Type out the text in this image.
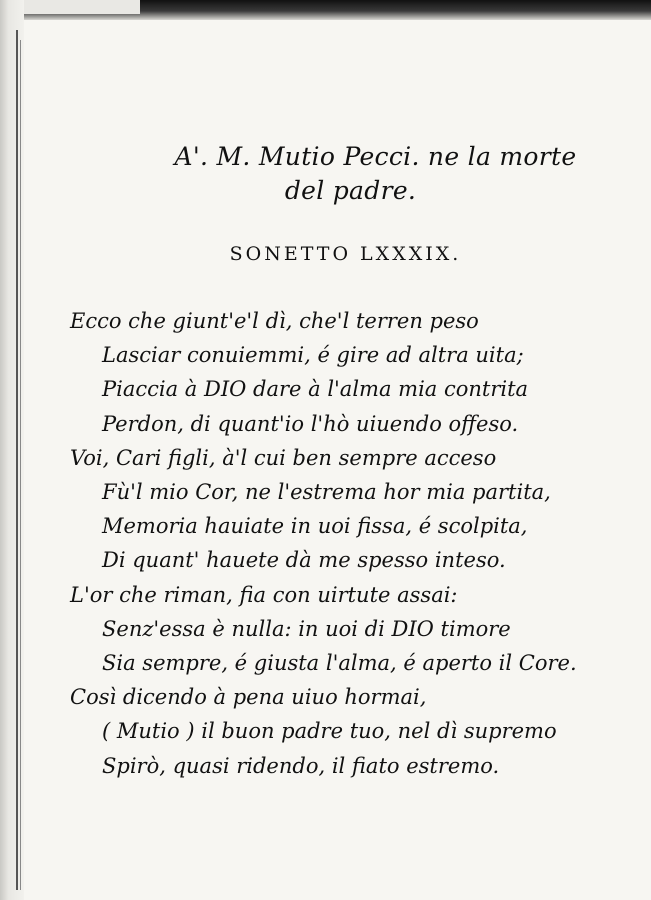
A'. M. Mutio Pecci. ne la morte
del padre.
SONETTO LXXXIX.
Ecco che giunt'e'l dì, che'l terren peso
Lasciar conuiemmi, é gire ad altra uita;
Piaccia à DIO dare à l'alma mia contrita
Perdon, di quant'io l'hò uiuendo offeso.
Voi, Cari figli, à'l cui ben sempre acceso
Fù'l mio Cor, ne l'estrema hor mia partita,
Memoria hauiate in uoi fissa, é scolpita,
Di quant' hauete dà me spesso inteso.
L'or che riman, fia con uirtute assai:
Senz'essa è nulla: in uoi di DIO timore
Sia sempre, é giusta l'alma, é aperto il Core.
Così dicendo à pena uiuo hormai,
( Mutio ) il buon padre tuo, nel dì supremo
Spirò, quasi ridendo, il fiato estremo.
